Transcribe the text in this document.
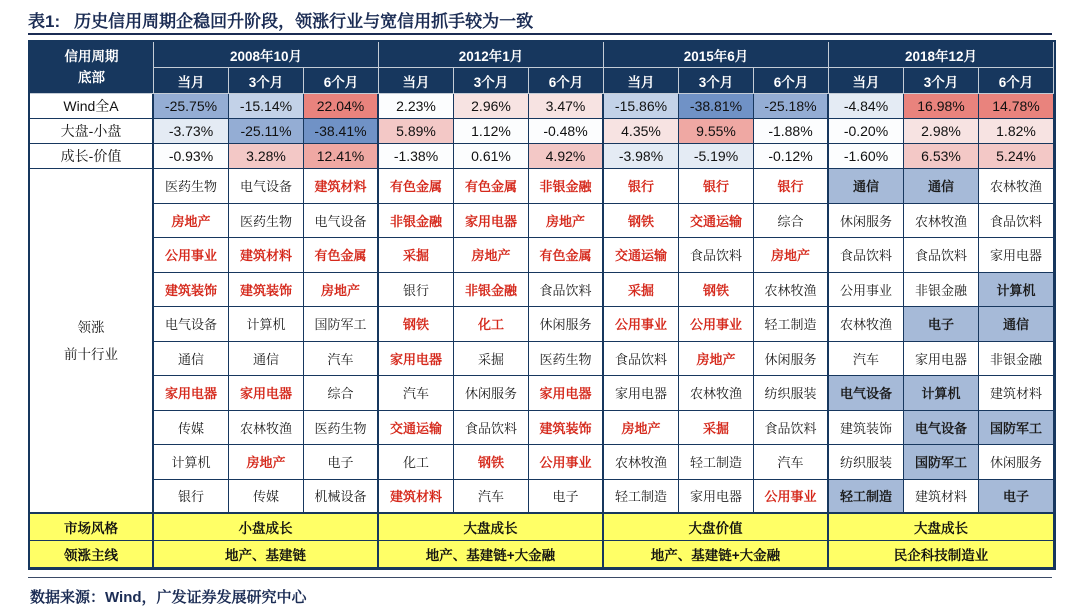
表1: 历史信用周期企稳回升阶段，领涨行业与宽信用抓手较为一致
信用周期
底部
2008年10月	2012年1月	2015年6月	2018年12月
当月	3个月	6个月	当月	3个月	6个月	当月	3个月	6个月	当月	3个月	6个月
Wind全A	-25.75%	-15.14%	22.04%	2.23%	2.96%	3.47%	-15.86%	-38.81%	-25.18%	-4.84%	16.98%	14.78%
大盘-小盘	-3.73%	-25.11%	-38.41%	5.89%	1.12%	-0.48%	4.35%	9.55%	-1.88%	-0.20%	2.98%	1.82%
成长-价值	-0.93%	3.28%	12.41%	-1.38%	0.61%	4.92%	-3.98%	-5.19%	-0.12%	-1.60%	6.53%	5.24%
领涨
前十行业
医药生物	电气设备	建筑材料	有色金属	有色金属	非银金融	银行	银行	银行	通信	通信	农林牧渔
房地产	医药生物	电气设备	非银金融	家用电器	房地产	钢铁	交通运输	综合	休闲服务	农林牧渔	食品饮料
公用事业	建筑材料	有色金属	采掘	房地产	有色金属	交通运输	食品饮料	房地产	食品饮料	食品饮料	家用电器
建筑装饰	建筑装饰	房地产	银行	非银金融	食品饮料	采掘	钢铁	农林牧渔	公用事业	非银金融	计算机
电气设备	计算机	国防军工	钢铁	化工	休闲服务	公用事业	公用事业	轻工制造	农林牧渔	电子	通信
通信	通信	汽车	家用电器	采掘	医药生物	食品饮料	房地产	休闲服务	汽车	家用电器	非银金融
家用电器	家用电器	综合	汽车	休闲服务	家用电器	家用电器	农林牧渔	纺织服装	电气设备	计算机	建筑材料
传媒	农林牧渔	医药生物	交通运输	食品饮料	建筑装饰	房地产	采掘	食品饮料	建筑装饰	电气设备	国防军工
计算机	房地产	电子	化工	钢铁	公用事业	农林牧渔	轻工制造	汽车	纺织服装	国防军工	休闲服务
银行	传媒	机械设备	建筑材料	汽车	电子	轻工制造	家用电器	公用事业	轻工制造	建筑材料	电子
市场风格	小盘成长	大盘成长	大盘价值	大盘成长
领涨主线	地产、基建链	地产、基建链+大金融	地产、基建链+大金融	民企科技制造业
数据来源：Wind，广发证券发展研究中心
